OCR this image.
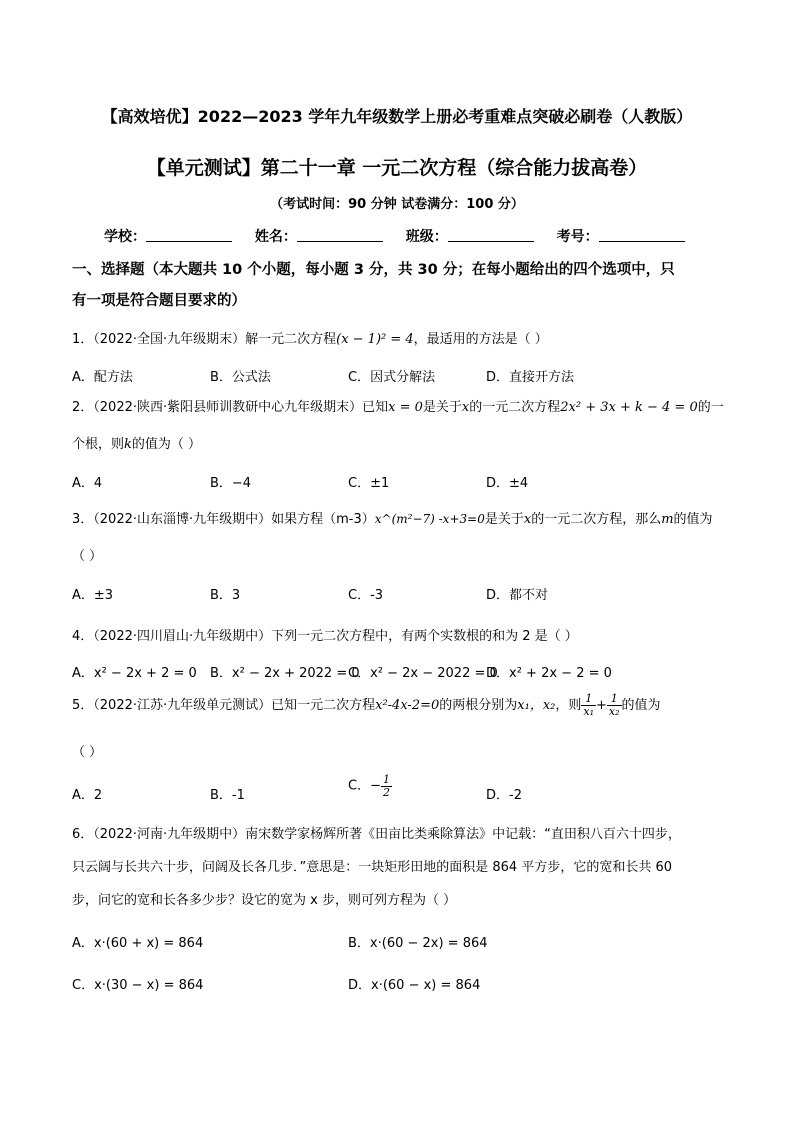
【高效培优】2022—2023 学年九年级数学上册必考重难点突破必刷卷（人教版）
【单元测试】第二十一章 一元二次方程（综合能力拔高卷）
（考试时间：90 分钟 试卷满分：100 分）
学校：	姓名：	班级：	考号：
一、选择题（本大题共 10 个小题，每小题 3 分，共 30 分；在每小题给出的四个选项中，只
有一项是符合题目要求的）
1．（2022·全国·九年级期末）解一元二次方程(x − 1)² = 4，最适用的方法是（ ）
A．配方法	B．公式法	C．因式分解法	D．直接开方法
2．（2022·陕西·紫阳县师训教研中心九年级期末）已知x = 0是关于x的一元二次方程2x² + 3x + k − 4 = 0的一
个根，则k的值为（ ）
A．4	B．−4	C．±1	D．±4
3．（2022·山东淄博·九年级期中）如果方程（m-3）x^(m²−7) -x+3=0是关于x的一元二次方程，那么m的值为
（ ）
A．±3	B．3	C．-3	D．都不对
4．（2022·四川眉山·九年级期中）下列一元二次方程中，有两个实数根的和为 2 是（ ）
A．x² − 2x + 2 = 0 B．x² − 2x + 2022 = 0
C．x² − 2x − 2022 = 0
D．x² + 2x − 2 = 0
5．（2022·江苏·九年级单元测试）已知一元二次方程x²-4x-2=0的两根分别为x₁，x₂，则 $\frac{1}{\text{x₁}} + \frac{1}{\text{x₂}}$ 的值为
（ ）
A．2	B．-1
C．− $\frac{1}{2}$	D．-2
6．（2022·河南·九年级期中）南宋数学家杨辉所著《田亩比类乘除算法》中记载：“直田积八百六十四步，
只云阔与长共六十步，问阔及长各几步．”意思是：一块矩形田地的面积是 864 平方步，它的宽和长共 60
步，问它的宽和长各多少步？设它的宽为 x 步，则可列方程为（ ）
A．x·(60 + x) = 864	B．x·(60 − 2x) = 864
C．x·(30 − x) = 864	D．x·(60 − x) = 864
